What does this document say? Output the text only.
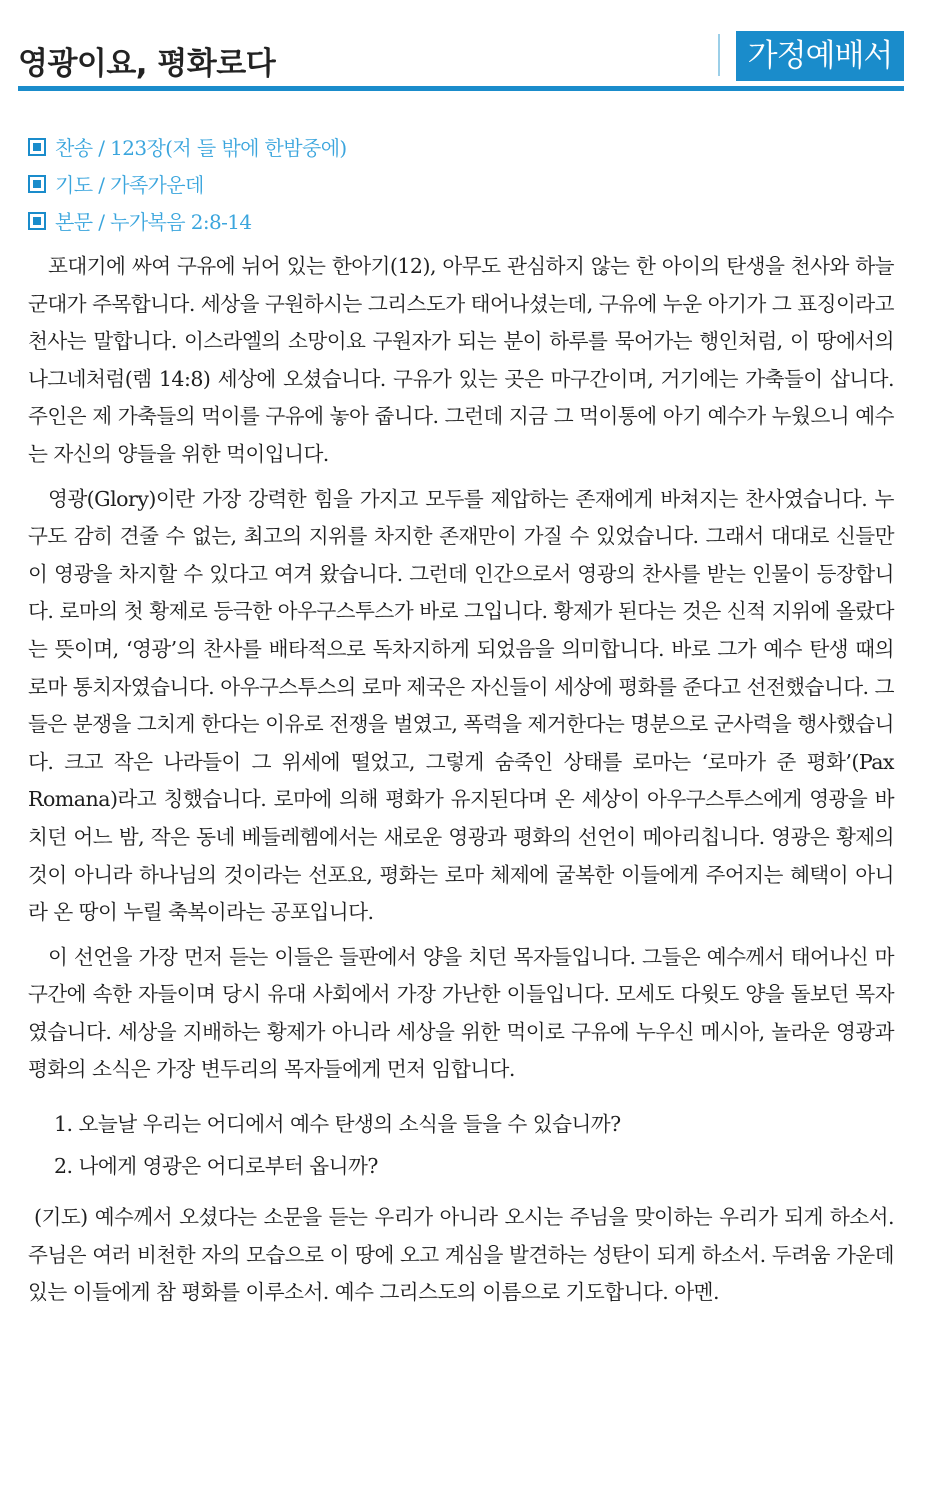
영광이요, 평화로다	가정예배서
찬송 / 123장(저 들 밖에 한밤중에)
기도 / 가족가운데
본문 / 누가복음 2:8-14

포대기에 싸여 구유에 뉘어 있는 한아기(12), 아무도 관심하지 않는 한 아이의 탄생을 천사와 하늘 군대가 주목합니다. 세상을 구원하시는 그리스도가 태어나셨는데, 구유에 누운 아기가 그 표징이라고 천사는 말합니다. 이스라엘의 소망이요 구원자가 되는 분이 하루를 묵어가는 행인처럼, 이 땅에서의 나그네처럼(렘 14:8) 세상에 오셨습니다. 구유가 있는 곳은 마구간이며, 거기에는 가축들이 삽니다. 주인은 제 가축들의 먹이를 구유에 놓아 줍니다. 그런데 지금 그 먹이통에 아기 예수가 누웠으니 예수는 자신의 양들을 위한 먹이입니다.

영광(Glory)이란 가장 강력한 힘을 가지고 모두를 제압하는 존재에게 바쳐지는 찬사였습니다. 누구도 감히 견줄 수 없는, 최고의 지위를 차지한 존재만이 가질 수 있었습니다. 그래서 대대로 신들만이 영광을 차지할 수 있다고 여겨 왔습니다. 그런데 인간으로서 영광의 찬사를 받는 인물이 등장합니다. 로마의 첫 황제로 등극한 아우구스투스가 바로 그입니다. 황제가 된다는 것은 신적 지위에 올랐다는 뜻이며, ‘영광’의 찬사를 배타적으로 독차지하게 되었음을 의미합니다. 바로 그가 예수 탄생 때의 로마 통치자였습니다. 아우구스투스의 로마 제국은 자신들이 세상에 평화를 준다고 선전했습니다. 그들은 분쟁을 그치게 한다는 이유로 전쟁을 벌였고, 폭력을 제거한다는 명분으로 군사력을 행사했습니다. 크고 작은 나라들이 그 위세에 떨었고, 그렇게 숨죽인 상태를 로마는 ‘로마가 준 평화’(Pax Romana)라고 칭했습니다. 로마에 의해 평화가 유지된다며 온 세상이 아우구스투스에게 영광을 바치던 어느 밤, 작은 동네 베들레헴에서는 새로운 영광과 평화의 선언이 메아리칩니다. 영광은 황제의 것이 아니라 하나님의 것이라는 선포요, 평화는 로마 체제에 굴복한 이들에게 주어지는 혜택이 아니라 온 땅이 누릴 축복이라는 공포입니다.

이 선언을 가장 먼저 듣는 이들은 들판에서 양을 치던 목자들입니다. 그들은 예수께서 태어나신 마구간에 속한 자들이며 당시 유대 사회에서 가장 가난한 이들입니다. 모세도 다윗도 양을 돌보던 목자였습니다. 세상을 지배하는 황제가 아니라 세상을 위한 먹이로 구유에 누우신 메시아, 놀라운 영광과 평화의 소식은 가장 변두리의 목자들에게 먼저 임합니다.

1. 오늘날 우리는 어디에서 예수 탄생의 소식을 들을 수 있습니까?
2. 나에게 영광은 어디로부터 옵니까?

(기도) 예수께서 오셨다는 소문을 듣는 우리가 아니라 오시는 주님을 맞이하는 우리가 되게 하소서. 주님은 여러 비천한 자의 모습으로 이 땅에 오고 계심을 발견하는 성탄이 되게 하소서. 두려움 가운데 있는 이들에게 참 평화를 이루소서. 예수 그리스도의 이름으로 기도합니다. 아멘.
